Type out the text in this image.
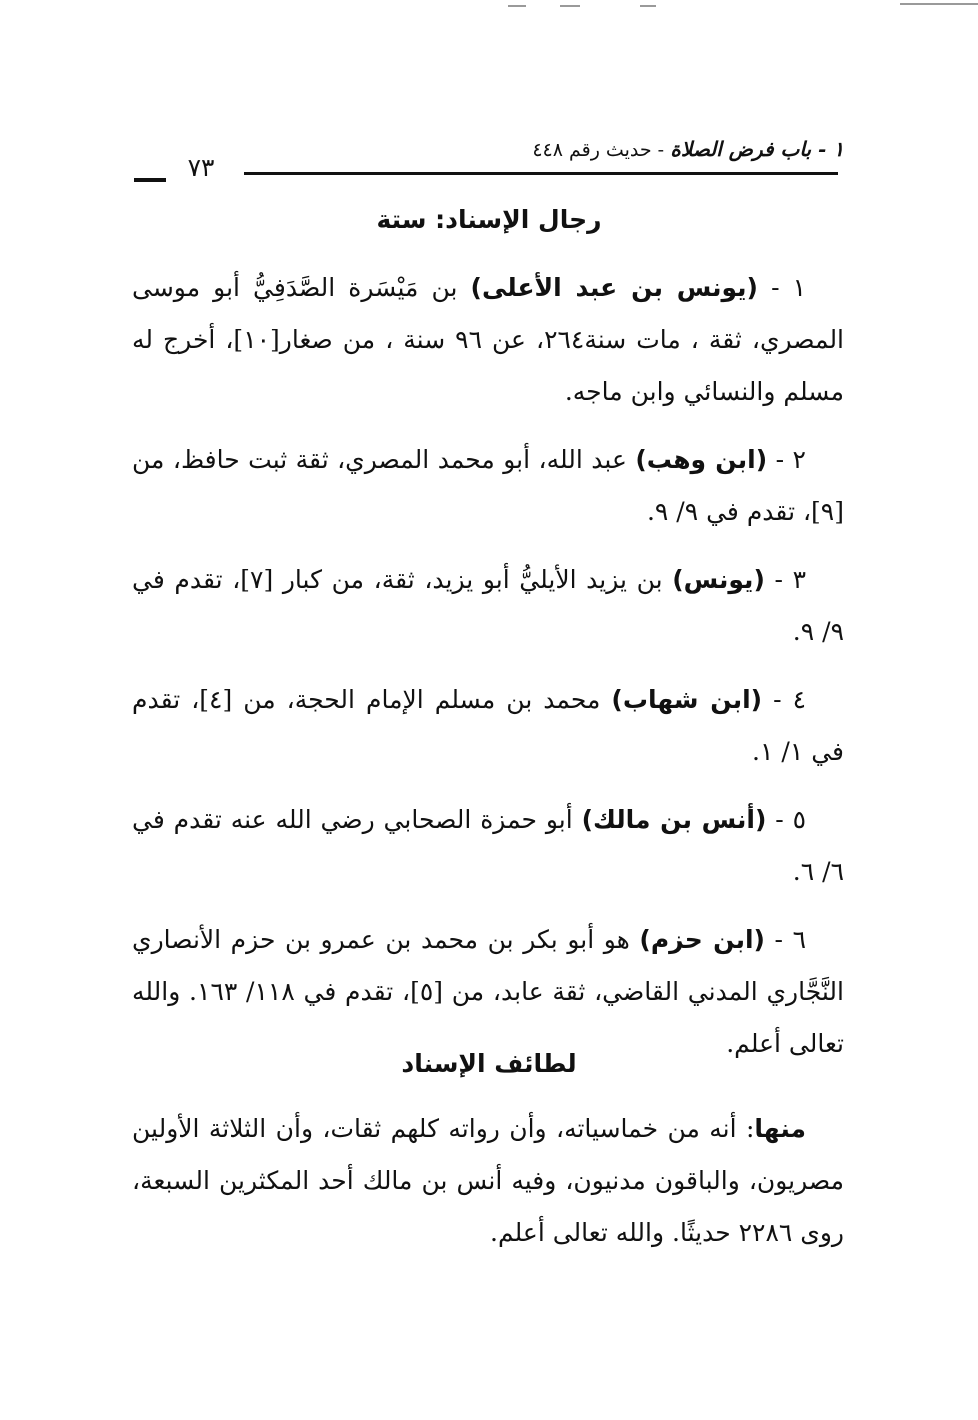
١ - باب فرض الصلاة - حديث رقم ٤٤٨
٧٣
رجال الإسناد: ستة

١ - (يونس بن عبد الأعلى) بن مَيْسَرة الصَّدَفِيُّ أبو موسى المصري، ثقة ، مات سنة٢٦٤، عن ٩٦ سنة ، من صغار[١٠]، أخرج له مسلم والنسائي وابن ماجه.

٢ - (ابن وهب) عبد الله، أبو محمد المصري، ثقة ثبت حافظ، من [٩]، تقدم في ٩/ ٩.

٣ - (يونس) بن يزيد الأيليُّ أبو يزيد، ثقة، من كبار [٧]، تقدم في ٩/ ٩.

٤ - (ابن شهاب) محمد بن مسلم الإمام الحجة، من [٤]، تقدم في ١/ ١.

٥ - (أنس بن مالك) أبو حمزة الصحابي رضي الله عنه تقدم في ٦/ ٦.

٦ - (ابن حزم) هو أبو بكر بن محمد بن عمرو بن حزم الأنصاري النَّجَّاري المدني القاضي، ثقة عابد، من [٥]، تقدم في ١١٨/ ١٦٣. والله تعالى أعلم.

لطائف الإسناد

منها: أنه من خماسياته، وأن رواته كلهم ثقات، وأن الثلاثة الأولين مصريون، والباقون مدنيون، وفيه أنس بن مالك أحد المكثرين السبعة، روى ٢٢٨٦ حديثًا. والله تعالى أعلم.
